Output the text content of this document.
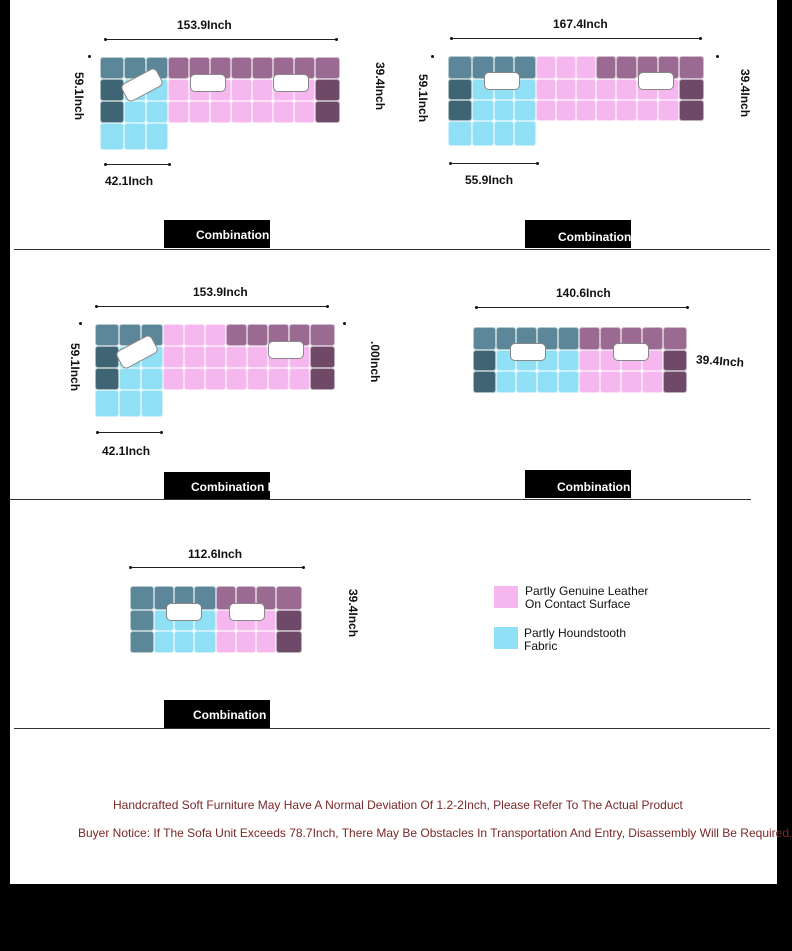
153.9Inch
59.1Inch	39.4Inch
42.1Inch
Combination G
167.4Inch
59.1Inch	39.4Inch
55.9Inch
Combination H
153.9Inch
59.1Inch	.00Inch
42.1Inch
Combination K
140.6Inch
39.4Inch
Combination L
112.6Inch
39.4Inch
Combination M
Partly Genuine Leather
On Contact Surface
Partly Houndstooth
Fabric
Handcrafted Soft Furniture May Have A Normal Deviation Of 1.2-2Inch, Please Refer To The Actual Product
Buyer Notice: If The Sofa Unit Exceeds 78.7Inch, There May Be Obstacles In Transportation And Entry, Disassembly Will Be Required.
